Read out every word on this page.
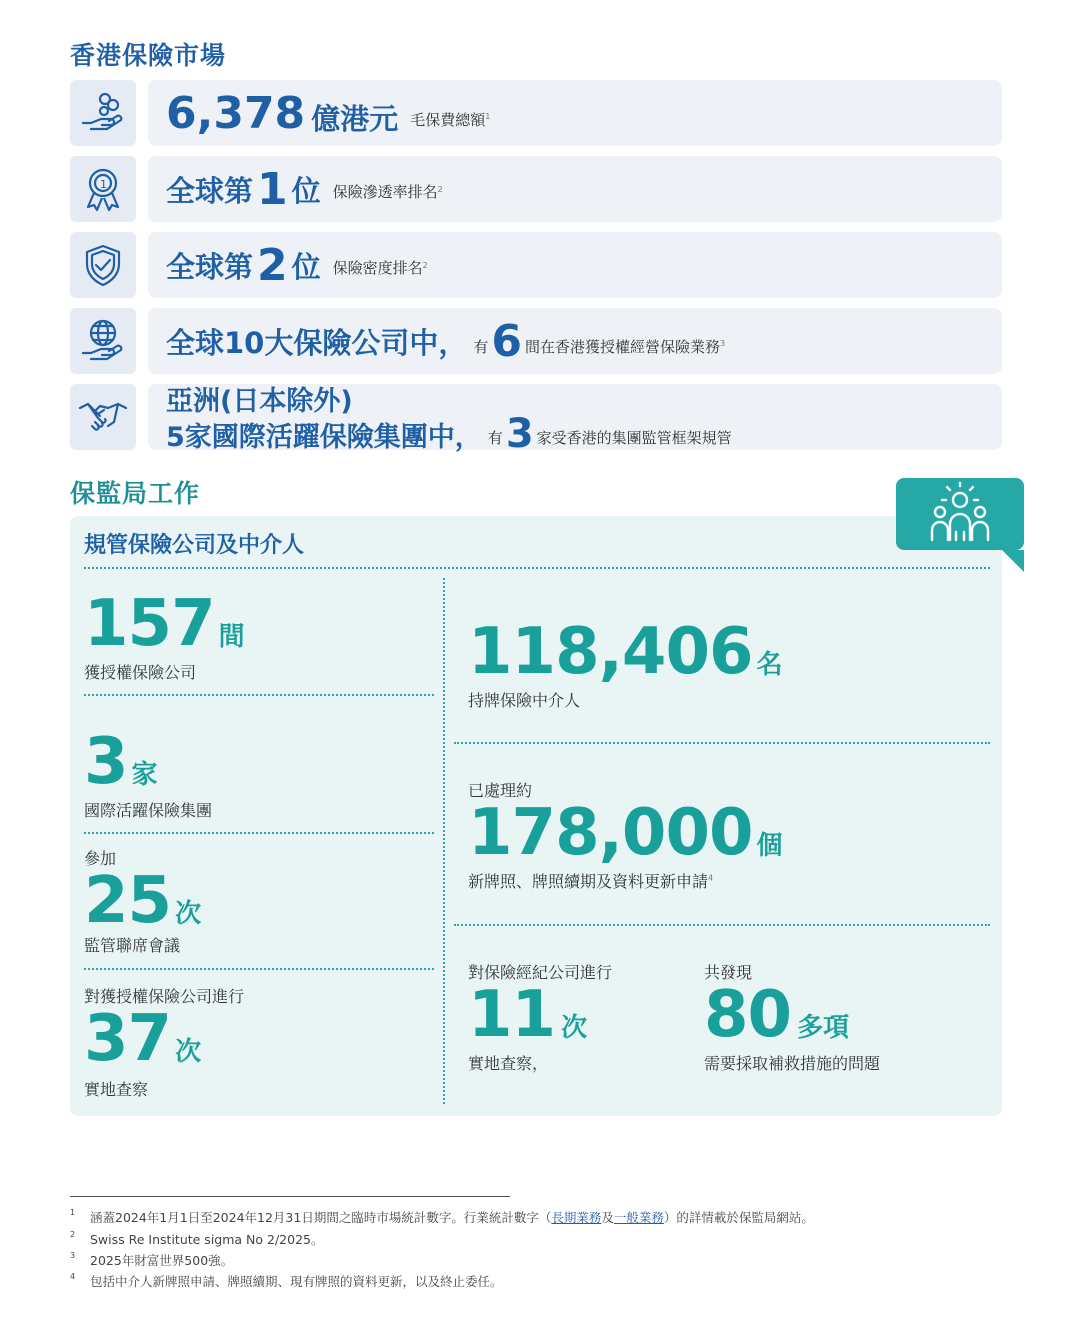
香港保險市場
6,378 億港元 毛保費總額 1
1 全球第 1 位 保險滲透率排名 2
全球第 2 位 保險密度排名 2
全球10大保險公司中， 有 6 間在香港獲授權經營保險業務 3
亞洲(日本除外)
5家國際活躍保險集團中， 有 3 家受香港的集團監管框架規管
保監局工作
規管保險公司及中介人
157 間
獲授權保險公司
3 家
國際活躍保險集團
參加
25 次
監管聯席會議
對獲授權保險公司進行
37 次
實地查察
118,406 名
持牌保險中介人
已處理約
178,000 個
新牌照、牌照續期及資料更新申請$^4$
對保險經紀公司進行
11 次
實地查察，
共發現
80 多項
需要採取補救措施的問題
1 涵蓋2024年1月1日至2024年12月31日期間之臨時市場統計數字。行業統計數字（長期業務及一般業務）的詳情載於保監局網站。
2 Swiss Re Institute sigma No 2/2025。
3 2025年財富世界500強。
4 包括中介人新牌照申請、牌照續期、現有牌照的資料更新，以及終止委任。
